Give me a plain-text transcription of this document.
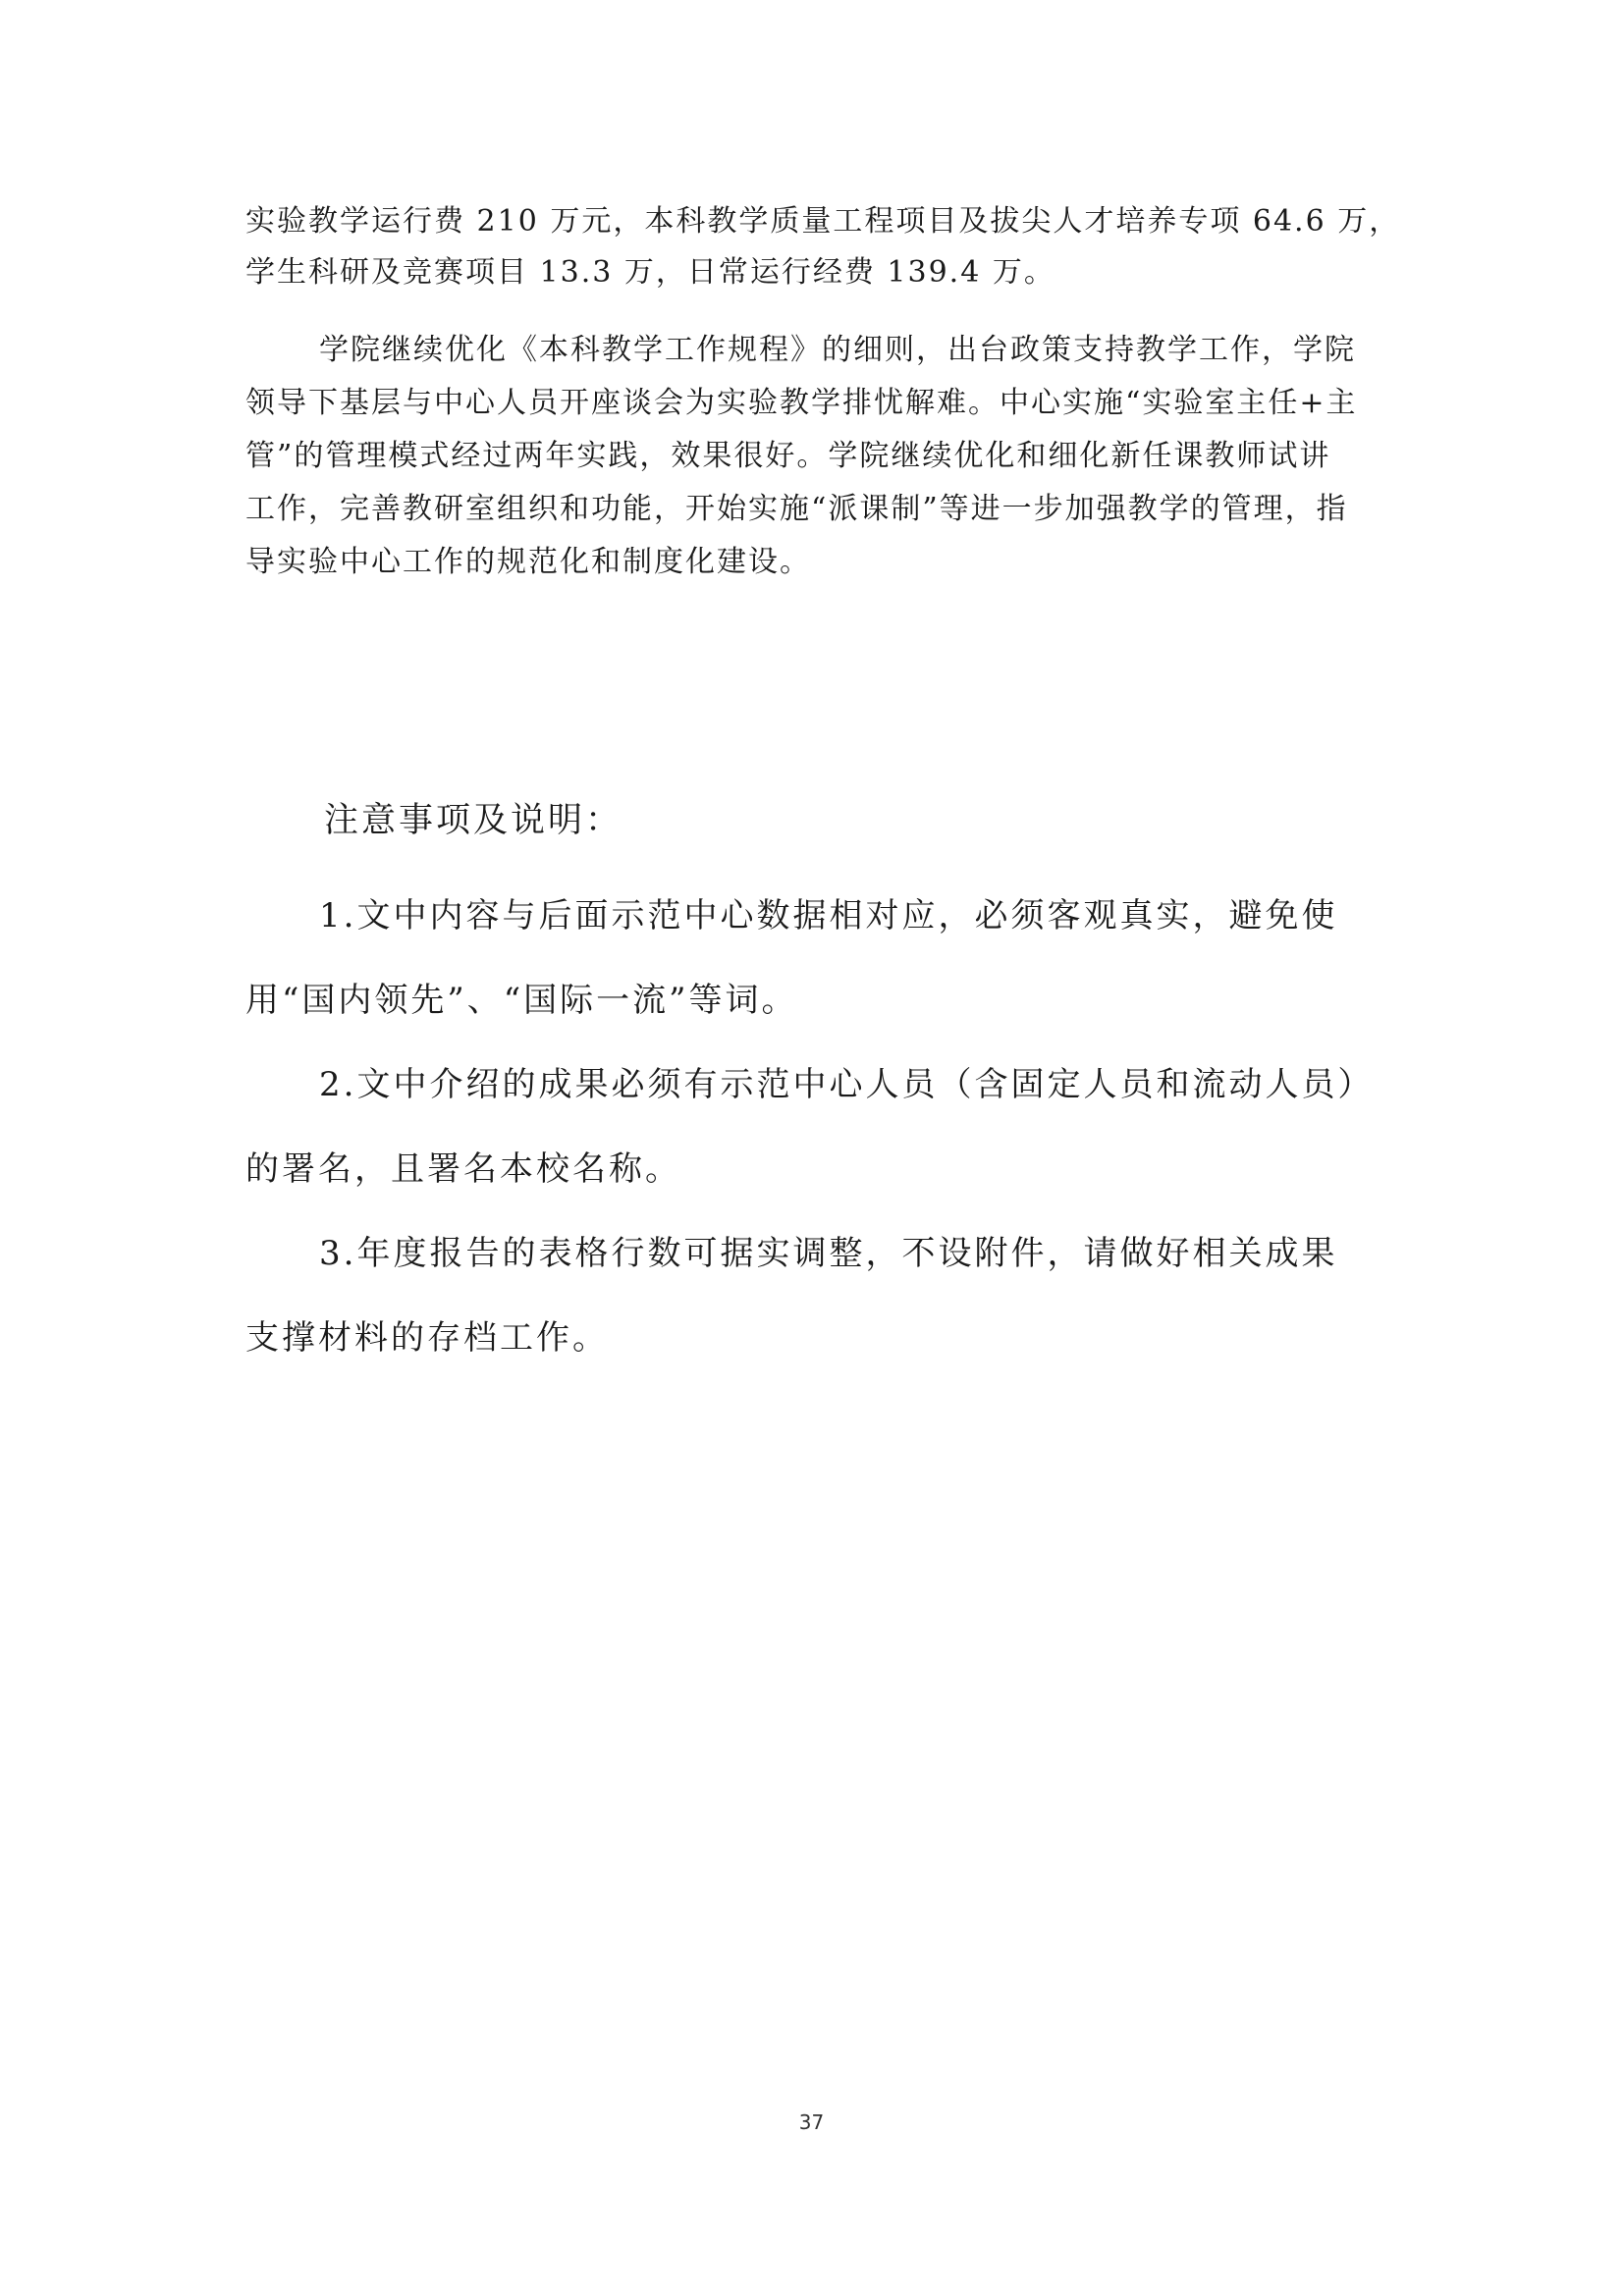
实验教学运行费 210 万元，本科教学质量工程项目及拔尖人才培养专项 64.6 万，
学生科研及竞赛项目 13.3 万，日常运行经费 139.4 万。
学院继续优化《本科教学工作规程》的细则，出台政策支持教学工作，学院
领导下基层与中心人员开座谈会为实验教学排忧解难。中心实施“实验室主任+主
管”的管理模式经过两年实践，效果很好。学院继续优化和细化新任课教师试讲
工作，完善教研室组织和功能，开始实施“派课制”等进一步加强教学的管理，指
导实验中心工作的规范化和制度化建设。
注意事项及说明：
1.文中内容与后面示范中心数据相对应，必须客观真实，避免使
用“国内领先”、“国际一流”等词。
2.文中介绍的成果必须有示范中心人员（含固定人员和流动人员）
的署名，且署名本校名称。
3.年度报告的表格行数可据实调整，不设附件，请做好相关成果
支撑材料的存档工作。
37
